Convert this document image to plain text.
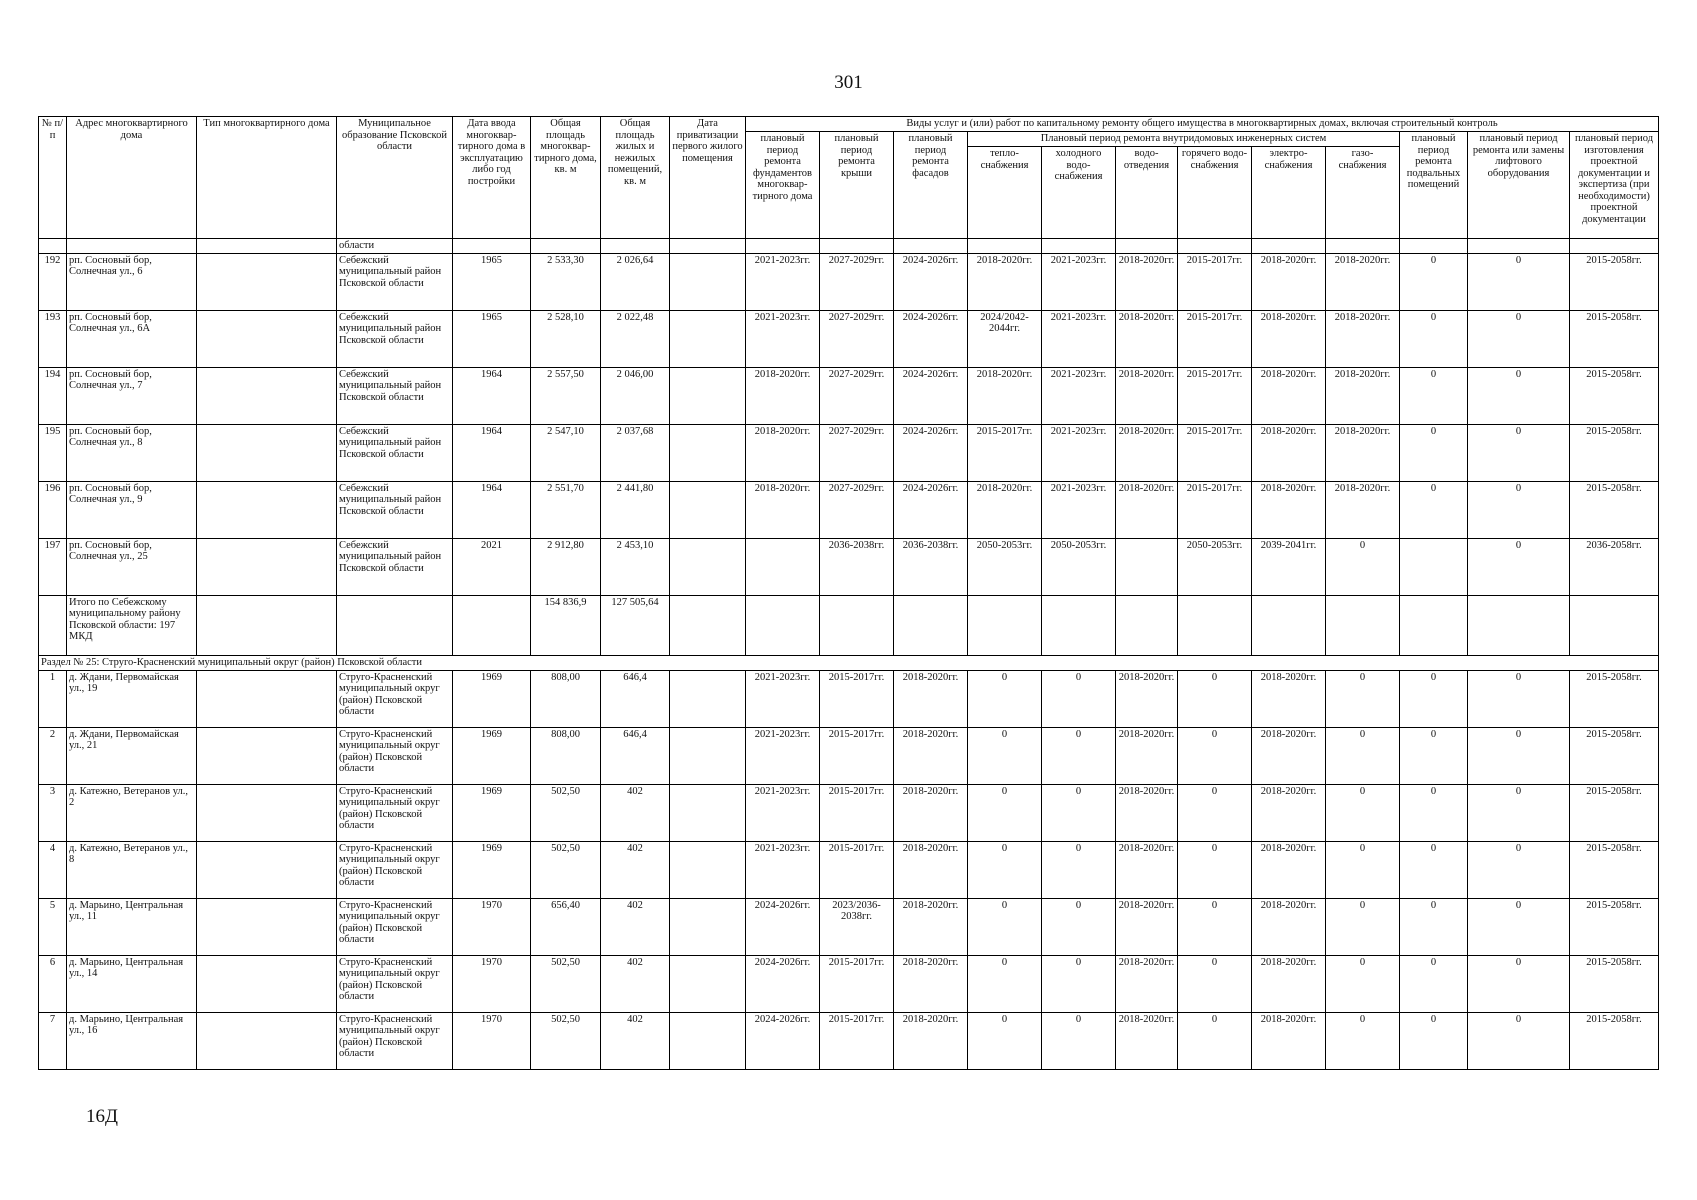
301
№ п/п	Адрес многоквартирного дома	Тип многоквартирного дома	Муниципальное образование Псковской области	Дата ввода многоквар-тирного дома в эксплуатацию либо год постройки	Общая площадь многоквар-тирного дома, кв. м	Общая площадь жилых и нежилых помещений, кв. м	Дата приватизации первого жилого помещения	Виды услуг и (или) работ по капитальному ремонту общего имущества в многоквартирных домах, включая строительный контроль											
								плановый период ремонта фундаментов многоквар-тирного дома	плановый период ремонта крыши	плановый период ремонта фасадов	Плановый период ремонта внутридомовых инженерных систем						плановый период ремонта подвальных помещений	плановый период ремонта или замены лифтового оборудования	плановый период изготовления проектной документации и экспертиза (при необходимости) проектной документации
											тепло-снабжения	холодного водо-снабжения	водо-отведения	горячего водо-снабжения	электро-снабжения	газо-снабжения			
			области																
192	рп. Сосновый бор, Солнечная ул., 6		Себежский муниципальный район Псковской области	1965	2 533,30	2 026,64		2021-2023гг.	2027-2029гг.	2024-2026гг.	2018-2020гг.	2021-2023гг.	2018-2020гг.	2015-2017гг.	2018-2020гг.	2018-2020гг.	0	0	2015-2058гг.
193	рп. Сосновый бор, Солнечная ул., 6А		Себежский муниципальный район Псковской области	1965	2 528,10	2 022,48		2021-2023гг.	2027-2029гг.	2024-2026гг.	2024/2042-2044гг.	2021-2023гг.	2018-2020гг.	2015-2017гг.	2018-2020гг.	2018-2020гг.	0	0	2015-2058гг.
194	рп. Сосновый бор, Солнечная ул., 7		Себежский муниципальный район Псковской области	1964	2 557,50	2 046,00		2018-2020гг.	2027-2029гг.	2024-2026гг.	2018-2020гг.	2021-2023гг.	2018-2020гг.	2015-2017гг.	2018-2020гг.	2018-2020гг.	0	0	2015-2058гг.
195	рп. Сосновый бор, Солнечная ул., 8		Себежский муниципальный район Псковской области	1964	2 547,10	2 037,68		2018-2020гг.	2027-2029гг.	2024-2026гг.	2015-2017гг.	2021-2023гг.	2018-2020гг.	2015-2017гг.	2018-2020гг.	2018-2020гг.	0	0	2015-2058гг.
196	рп. Сосновый бор, Солнечная ул., 9		Себежский муниципальный район Псковской области	1964	2 551,70	2 441,80		2018-2020гг.	2027-2029гг.	2024-2026гг.	2018-2020гг.	2021-2023гг.	2018-2020гг.	2015-2017гг.	2018-2020гг.	2018-2020гг.	0	0	2015-2058гг.
197	рп. Сосновый бор, Солнечная ул., 25		Себежский муниципальный район Псковской области	2021	2 912,80	2 453,10			2036-2038гг.	2036-2038гг.	2050-2053гг.	2050-2053гг.		2050-2053гг.	2039-2041гг.	0		0	2036-2058гг.
	Итого по Себежскому муниципальному району Псковской области: 197 МКД				154 836,9	127 505,64													
Раздел № 25: Струго-Красненский муниципальный округ (район) Псковской области																			
1	д. Ждани, Первомайская ул., 19		Струго-Красненский муниципальный округ (район) Псковской области	1969	808,00	646,4		2021-2023гг.	2015-2017гг.	2018-2020гг.	0	0	2018-2020гг.	0	2018-2020гг.	0	0	0	2015-2058гг.
2	д. Ждани, Первомайская ул., 21		Струго-Красненский муниципальный округ (район) Псковской области	1969	808,00	646,4		2021-2023гг.	2015-2017гг.	2018-2020гг.	0	0	2018-2020гг.	0	2018-2020гг.	0	0	0	2015-2058гг.
3	д. Катежно, Ветеранов ул., 2		Струго-Красненский муниципальный округ (район) Псковской области	1969	502,50	402		2021-2023гг.	2015-2017гг.	2018-2020гг.	0	0	2018-2020гг.	0	2018-2020гг.	0	0	0	2015-2058гг.
4	д. Катежно, Ветеранов ул., 8		Струго-Красненский муниципальный округ (район) Псковской области	1969	502,50	402		2021-2023гг.	2015-2017гг.	2018-2020гг.	0	0	2018-2020гг.	0	2018-2020гг.	0	0	0	2015-2058гг.
5	д. Марьино, Центральная ул., 11		Струго-Красненский муниципальный округ (район) Псковской области	1970	656,40	402		2024-2026гг.	2023/2036-2038гг.	2018-2020гг.	0	0	2018-2020гг.	0	2018-2020гг.	0	0	0	2015-2058гг.
6	д. Марьино, Центральная ул., 14		Струго-Красненский муниципальный округ (район) Псковской области	1970	502,50	402		2024-2026гг.	2015-2017гг.	2018-2020гг.	0	0	2018-2020гг.	0	2018-2020гг.	0	0	0	2015-2058гг.
7	д. Марьино, Центральная ул., 16		Струго-Красненский муниципальный округ (район) Псковской области	1970	502,50	402		2024-2026гг.	2015-2017гг.	2018-2020гг.	0	0	2018-2020гг.	0	2018-2020гг.	0	0	0	2015-2058гг.
16Д
